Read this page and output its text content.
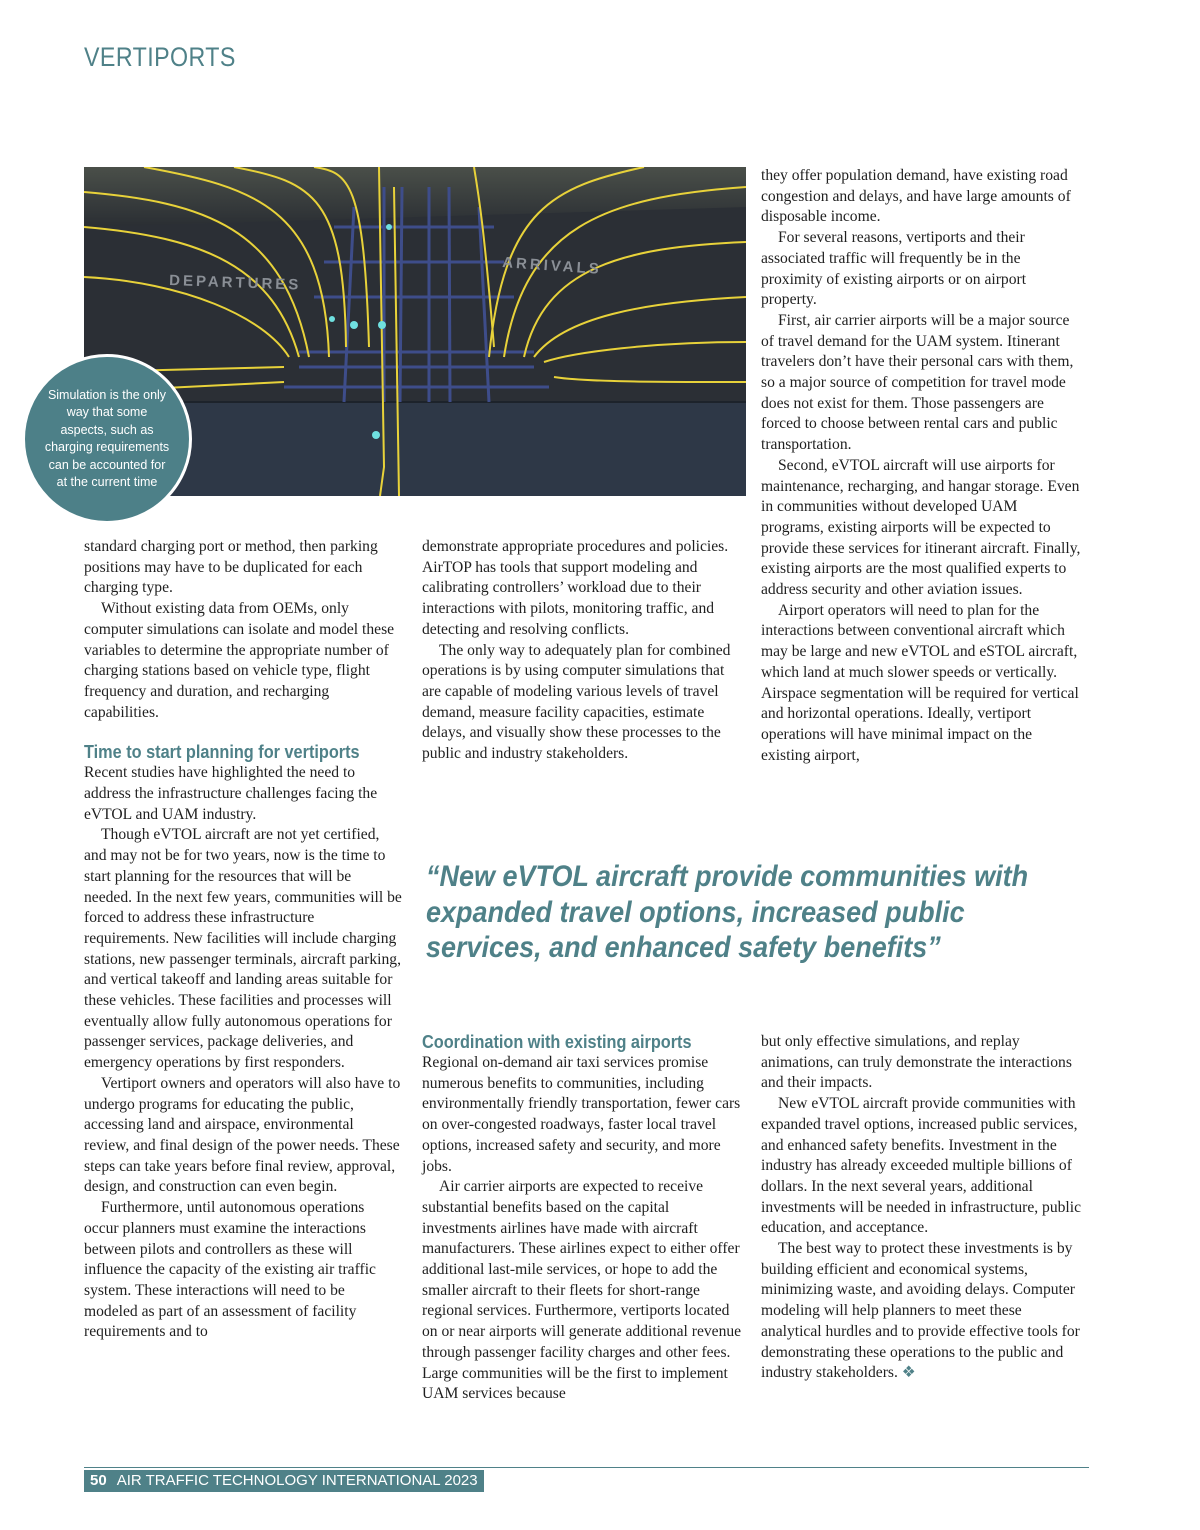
VERTIPORTS
DEPARTURES
ARRIVALS
Simulation is the only way that some aspects, such as charging requirements can be accounted for at the current time

standard charging port or method, then parking positions may have to be duplicated for each charging type.

Without existing data from OEMs, only computer simulations can isolate and model these variables to determine the appropriate number of charging stations based on vehicle type, flight frequency and duration, and recharging capabilities.

Time to start planning for vertiports

Recent studies have highlighted the need to address the infrastructure challenges facing the eVTOL and UAM industry.

Though eVTOL aircraft are not yet certified, and may not be for two years, now is the time to start planning for the resources that will be needed. In the next few years, communities will be forced to address these infrastructure requirements. New facilities will include charging stations, new passenger terminals, aircraft parking, and vertical takeoff and landing areas suitable for these vehicles. These facilities and processes will eventually allow fully autonomous operations for passenger services, package deliveries, and emergency operations by first responders.

Vertiport owners and operators will also have to undergo programs for educating the public, accessing land and airspace, environmental review, and final design of the power needs. These steps can take years before final review, approval, design, and construction can even begin.

Furthermore, until autonomous operations occur planners must examine the interactions between pilots and controllers as these will influence the capacity of the existing air traffic system. These interactions will need to be modeled as part of an assessment of facility requirements and to

demonstrate appropriate procedures and policies. AirTOP has tools that support modeling and calibrating controllers’ workload due to their interactions with pilots, monitoring traffic, and detecting and resolving conflicts.

The only way to adequately plan for combined operations is by using computer simulations that are capable of modeling various levels of travel demand, measure facility capacities, estimate delays, and visually show these processes to the public and industry stakeholders.

they offer population demand, have existing road congestion and delays, and have large amounts of disposable income.

For several reasons, vertiports and their associated traffic will frequently be in the proximity of existing airports or on airport property.

First, air carrier airports will be a major source of travel demand for the UAM system. Itinerant travelers don’t have their personal cars with them, so a major source of competition for travel mode does not exist for them. Those passengers are forced to choose between rental cars and public transportation.

Second, eVTOL aircraft will use airports for maintenance, recharging, and hangar storage. Even in communities without developed UAM programs, existing airports will be expected to provide these services for itinerant aircraft. Finally, existing airports are the most qualified experts to address security and other aviation issues.

Airport operators will need to plan for the interactions between conventional aircraft which may be large and new eVTOL and eSTOL aircraft, which land at much slower speeds or vertically. Airspace segmentation will be required for vertical and horizontal operations. Ideally, vertiport operations will have minimal impact on the existing airport,

“New eVTOL aircraft provide communities with expanded travel options, increased public services, and enhanced safety benefits”
Coordination with existing airports

Regional on-demand air taxi services promise numerous benefits to communities, including environmentally friendly transportation, fewer cars on over-congested roadways, faster local travel options, increased safety and security, and more jobs.

Air carrier airports are expected to receive substantial benefits based on the capital investments airlines have made with aircraft manufacturers. These airlines expect to either offer additional last-mile services, or hope to add the smaller aircraft to their fleets for short-range regional services. Furthermore, vertiports located on or near airports will generate additional revenue through passenger facility charges and other fees. Large communities will be the first to implement UAM services because

but only effective simulations, and replay animations, can truly demonstrate the interactions and their impacts.

New eVTOL aircraft provide communities with expanded travel options, increased public services, and enhanced safety benefits. Investment in the industry has already exceeded multiple billions of dollars. In the next several years, additional investments will be needed in infrastructure, public education, and acceptance.

The best way to protect these investments is by building efficient and economical systems, minimizing waste, and avoiding delays. Computer modeling will help planners to meet these analytical hurdles and to provide effective tools for demonstrating these operations to the public and industry stakeholders. ❖

50 AIR TRAFFIC TECHNOLOGY INTERNATIONAL 2023
